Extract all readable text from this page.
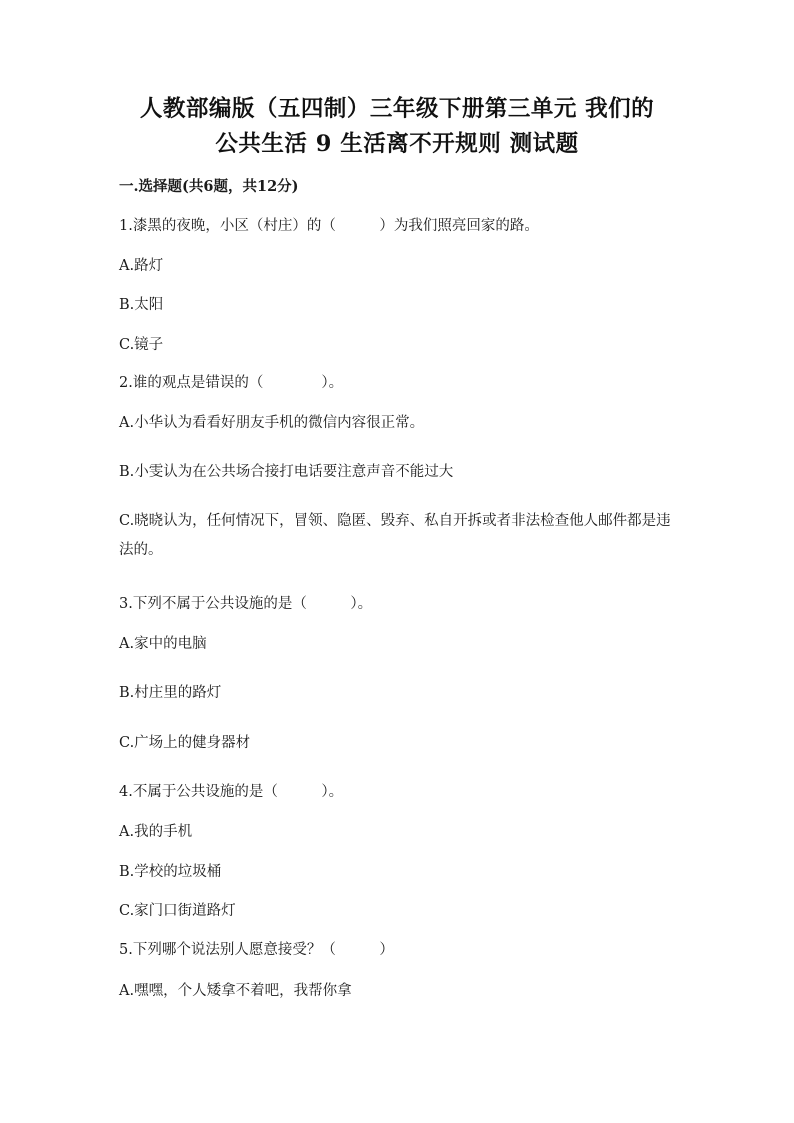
人教部编版（五四制）三年级下册第三单元 我们的
公共生活 9 生活离不开规则 测试题
一.选择题(共6题，共12分)
1.漆黑的夜晚，小区（村庄）的（　　　）为我们照亮回家的路。
A.路灯
B.太阳
C.镜子
2.谁的观点是错误的（　　　　）。
A.小华认为看看好朋友手机的微信内容很正常。
B.小雯认为在公共场合接打电话要注意声音不能过大
C.晓晓认为，任何情况下，冒领、隐匿、毁弃、私自开拆或者非法检查他人邮件都是违法的。
3.下列不属于公共设施的是（　　　）。
A.家中的电脑
B.村庄里的路灯
C.广场上的健身器材
4.不属于公共设施的是（　　　）。
A.我的手机
B.学校的垃圾桶
C.家门口街道路灯
5.下列哪个说法别人愿意接受？（　　　）
A.嘿嘿，个人矮拿不着吧，我帮你拿
